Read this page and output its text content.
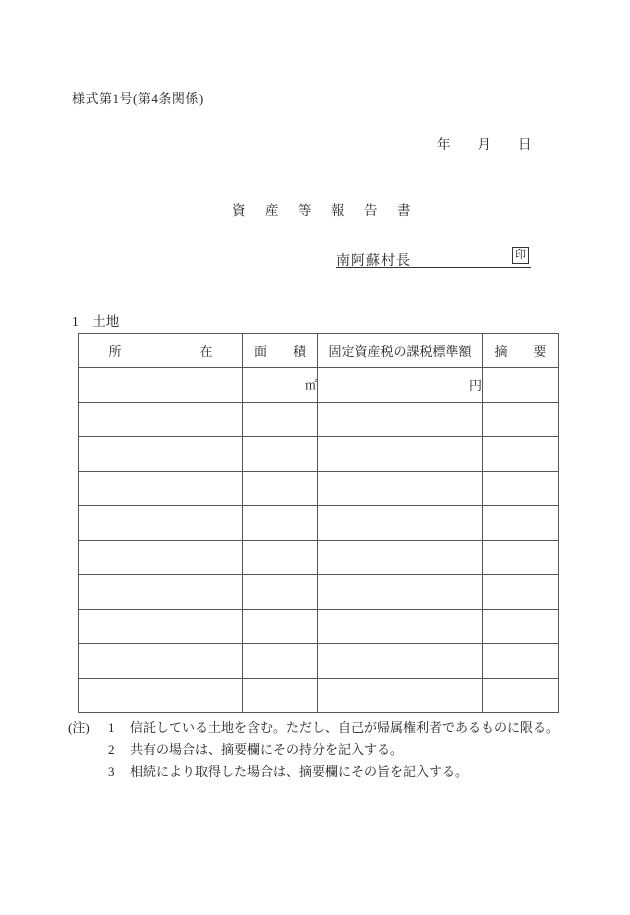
様式第1号(第4条関係)
年　　月　　日
資　産　等　報　告　書
南阿蘇村長	印
1　土地
所　　　　　　在	面　　積	固定資産税の課税標準額	摘　　要
	㎡	円	

(注)	1	信託している土地を含む。ただし、自己が帰属権利者であるものに限る。
2	共有の場合は、摘要欄にその持分を記入する。
3	相続により取得した場合は、摘要欄にその旨を記入する。
